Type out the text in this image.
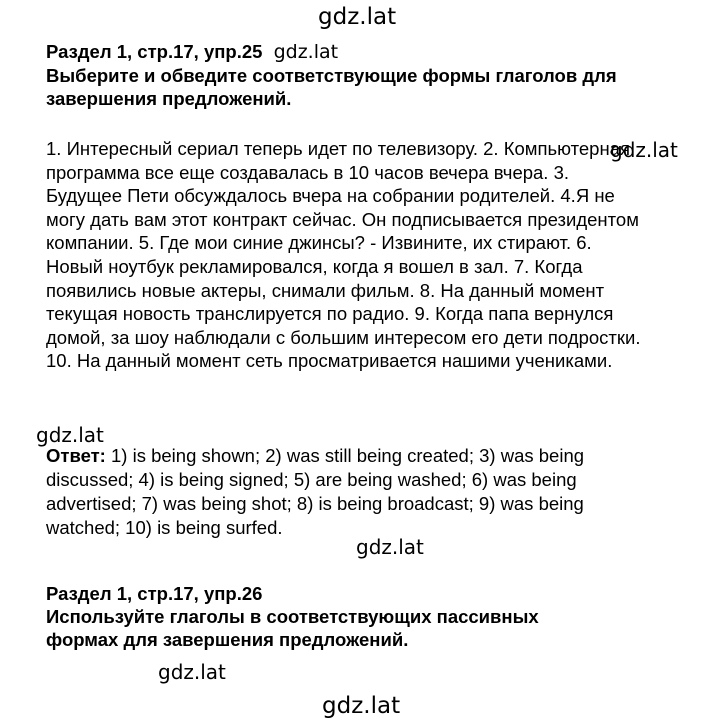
gdz.lat
Раздел 1, стр.17, упр.25 gdz.lat
Выберите и обведите соответствующие формы глаголов для завершения предложений.
gdz.lat
1. Интересный сериал теперь идет по телевизору. 2. Компьютерная программа все еще создавалась в 10 часов вечера вчера. 3. Будущее Пети обсуждалось вчера на собрании родителей. 4.Я не могу дать вам этот контракт сейчас. Он подписывается президентом компании. 5. Где мои синие джинсы? - Извините, их стирают. 6. Новый ноутбук рекламировался, когда я вошел в зал. 7. Когда появились новые актеры, снимали фильм. 8. На данный момент текущая новость транслируется по радио. 9. Когда папа вернулся домой, за шоу наблюдали с большим интересом его дети подростки. 10. На данный момент сеть просматривается нашими учениками.
gdz.lat
Ответ: 1) is being shown; 2) was still being created; 3) was being discussed; 4) is being signed; 5) are being washed; 6) was being advertised; 7) was being shot; 8) is being broadcast; 9) was being watched; 10) is being surfed.
gdz.lat
Раздел 1, стр.17, упр.26
Используйте глаголы в соответствующих пассивных формах для завершения предложений.
gdz.lat
gdz.lat
